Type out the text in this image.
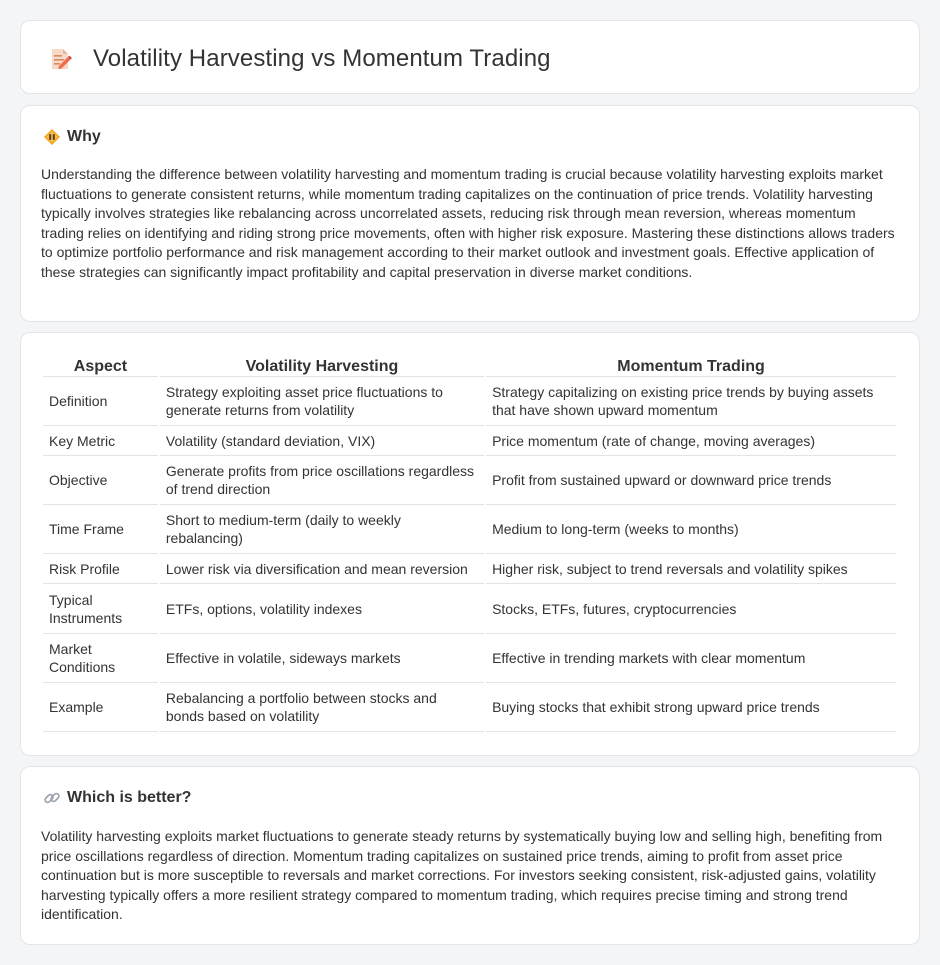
Volatility Harvesting vs Momentum Trading
Why

Understanding the difference between volatility harvesting and momentum trading is crucial because volatility harvesting exploits market fluctuations to generate consistent returns, while momentum trading capitalizes on the continuation of price trends. Volatility harvesting typically involves strategies like rebalancing across uncorrelated assets, reducing risk through mean reversion, whereas momentum trading relies on identifying and riding strong price movements, often with higher risk exposure. Mastering these distinctions allows traders to optimize portfolio performance and risk management according to their market outlook and investment goals. Effective application of these strategies can significantly impact profitability and capital preservation in diverse market conditions.

Aspect	Volatility Harvesting	Momentum Trading
Definition	Strategy exploiting asset price fluctuations to generate returns from volatility	Strategy capitalizing on existing price trends by buying assets that have shown upward momentum
Key Metric	Volatility (standard deviation, VIX)	Price momentum (rate of change, moving averages)
Objective	Generate profits from price oscillations regardless of trend direction	Profit from sustained upward or downward price trends
Time Frame	Short to medium-term (daily to weekly rebalancing)	Medium to long-term (weeks to months)
Risk Profile	Lower risk via diversification and mean reversion	Higher risk, subject to trend reversals and volatility spikes
Typical Instruments	ETFs, options, volatility indexes	Stocks, ETFs, futures, cryptocurrencies
Market Conditions	Effective in volatile, sideways markets	Effective in trending markets with clear momentum
Example	Rebalancing a portfolio between stocks and bonds based on volatility	Buying stocks that exhibit strong upward price trends
Which is better?

Volatility harvesting exploits market fluctuations to generate steady returns by systematically buying low and selling high, benefiting from price oscillations regardless of direction. Momentum trading capitalizes on sustained price trends, aiming to profit from asset price continuation but is more susceptible to reversals and market corrections. For investors seeking consistent, risk-adjusted gains, volatility harvesting typically offers a more resilient strategy compared to momentum trading, which requires precise timing and strong trend identification.
